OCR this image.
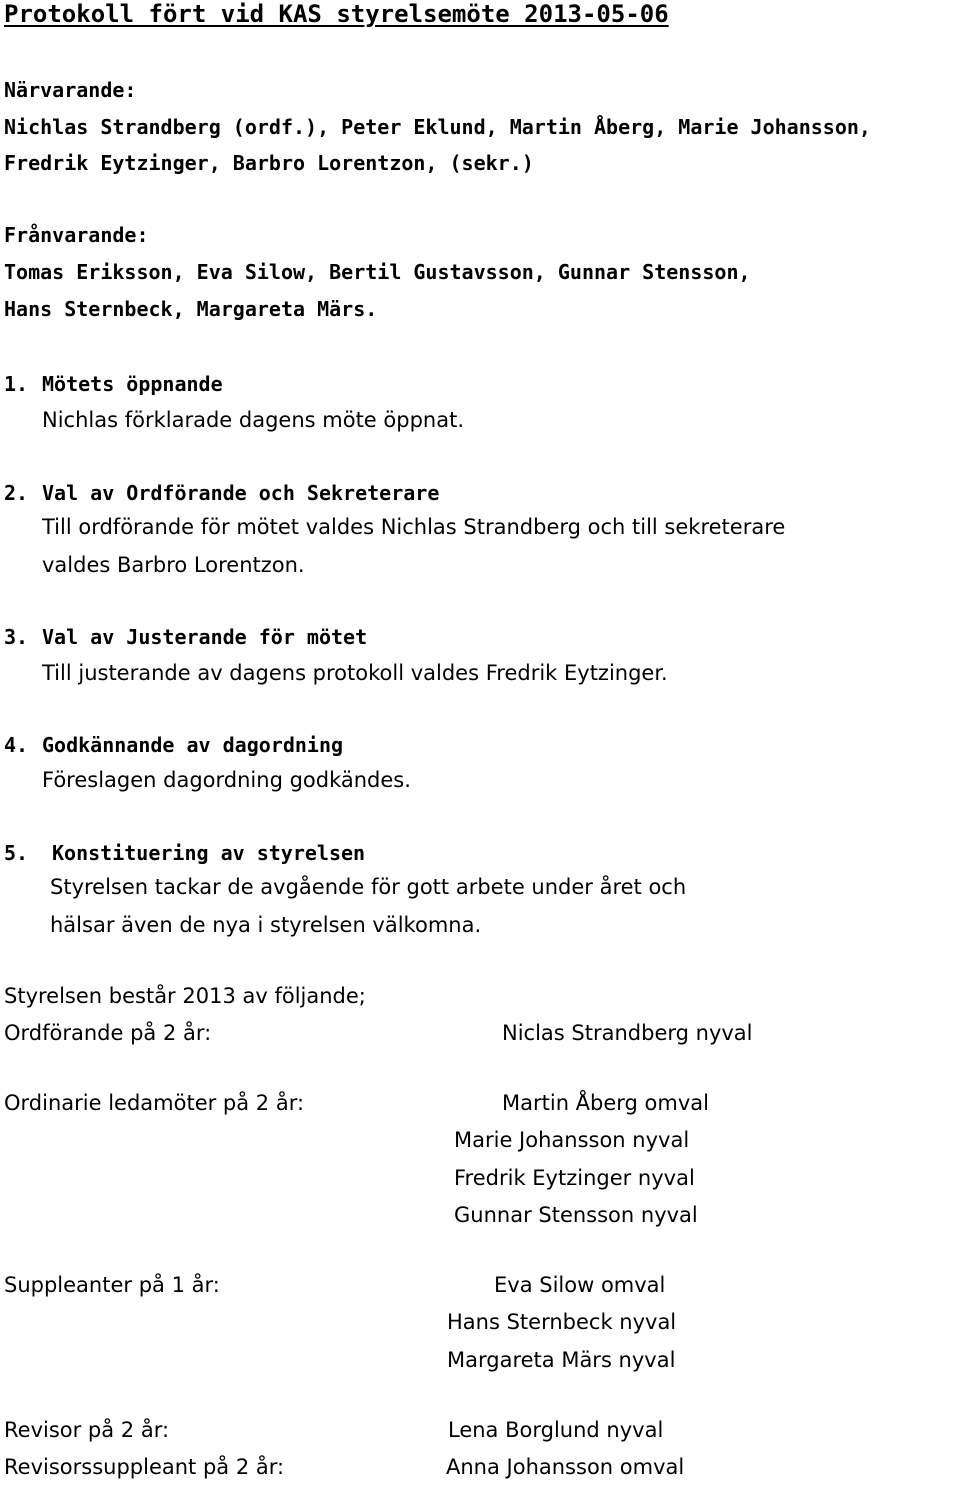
Protokoll fört vid KAS styrelsemöte 2013-05-06
Närvarande:
Nichlas Strandberg (ordf.), Peter Eklund, Martin Åberg, Marie Johansson,
Fredrik Eytzinger, Barbro Lorentzon, (sekr.)
Frånvarande:
Tomas Eriksson, Eva Silow, Bertil Gustavsson, Gunnar Stensson,
Hans Sternbeck, Margareta Märs.
1. Mötets öppnande
Nichlas förklarade dagens möte öppnat.
2. Val av Ordförande och Sekreterare
Till ordförande för mötet valdes Nichlas Strandberg och till sekreterare
valdes Barbro Lorentzon.
3. Val av Justerande för mötet
Till justerande av dagens protokoll valdes Fredrik Eytzinger.
4. Godkännande av dagordning
Föreslagen dagordning godkändes.
5. Konstituering av styrelsen
Styrelsen tackar de avgående för gott arbete under året och
hälsar även de nya i styrelsen välkomna.
Styrelsen består 2013 av följande;
Ordförande på 2 år:	Niclas Strandberg nyval
Ordinarie ledamöter på 2 år:	Martin Åberg omval
Marie Johansson nyval
Fredrik Eytzinger nyval
Gunnar Stensson nyval
Suppleanter på 1 år:	Eva Silow omval
Hans Sternbeck nyval
Margareta Märs nyval
Revisor på 2 år:	Lena Borglund nyval
Revisorssuppleant på 2 år:	Anna Johansson omval
